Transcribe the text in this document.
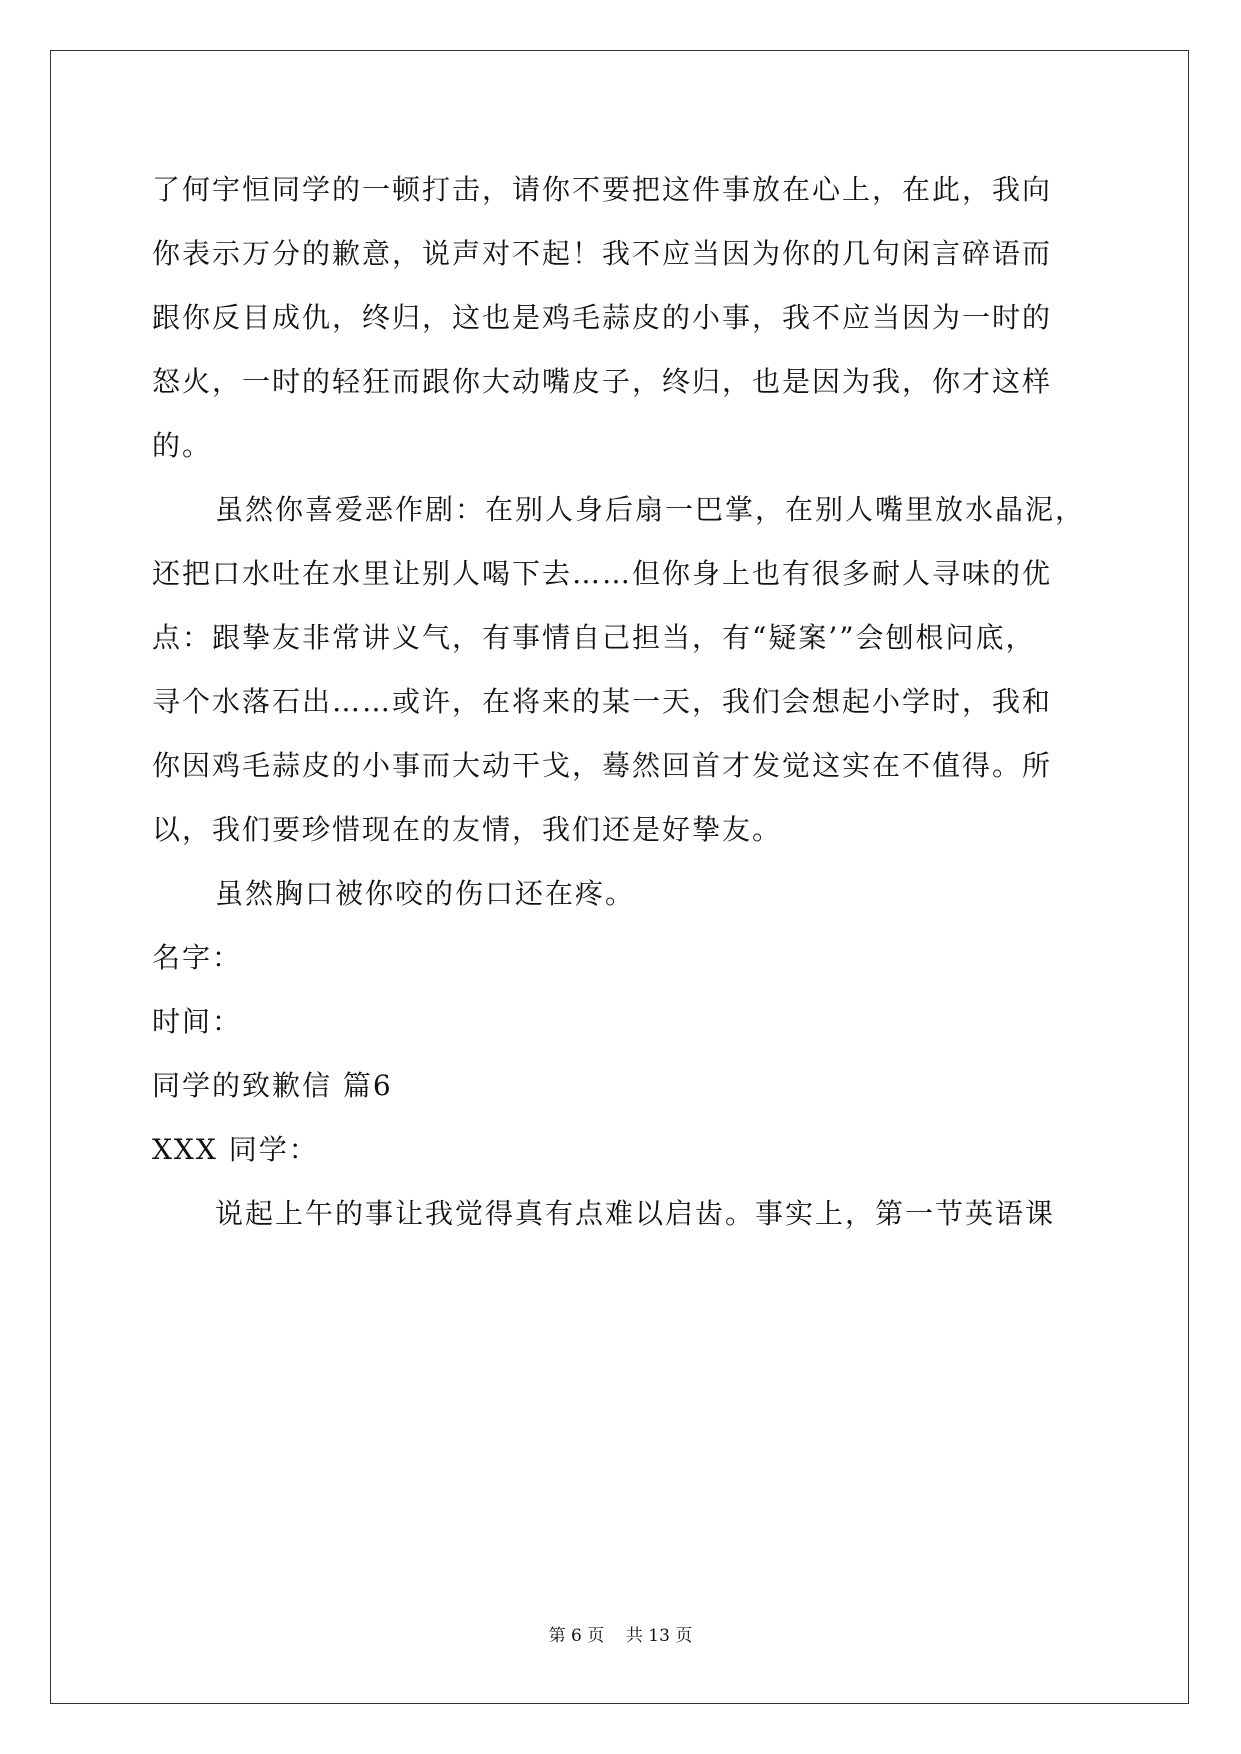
了何宇恒同学的一顿打击，请你不要把这件事放在心上，在此，我向
你表示万分的歉意，说声对不起！我不应当因为你的几句闲言碎语而
跟你反目成仇，终归，这也是鸡毛蒜皮的小事，我不应当因为一时的
怒火，一时的轻狂而跟你大动嘴皮子，终归，也是因为我，你才这样
的。
虽然你喜爱恶作剧：在别人身后扇一巴掌，在别人嘴里放水晶泥，
还把口水吐在水里让别人喝下去……但你身上也有很多耐人寻味的优
点：跟挚友非常讲义气，有事情自己担当，有“疑案’”会刨根问底，
寻个水落石出……或许，在将来的某一天，我们会想起小学时，我和
你因鸡毛蒜皮的小事而大动干戈，蓦然回首才发觉这实在不值得。所
以，我们要珍惜现在的友情，我们还是好挚友。
虽然胸口被你咬的伤口还在疼。
名字：
时间：
同学的致歉信 篇6
XXX 同学：
说起上午的事让我觉得真有点难以启齿。事实上，第一节英语课
第 6 页    共 13 页
